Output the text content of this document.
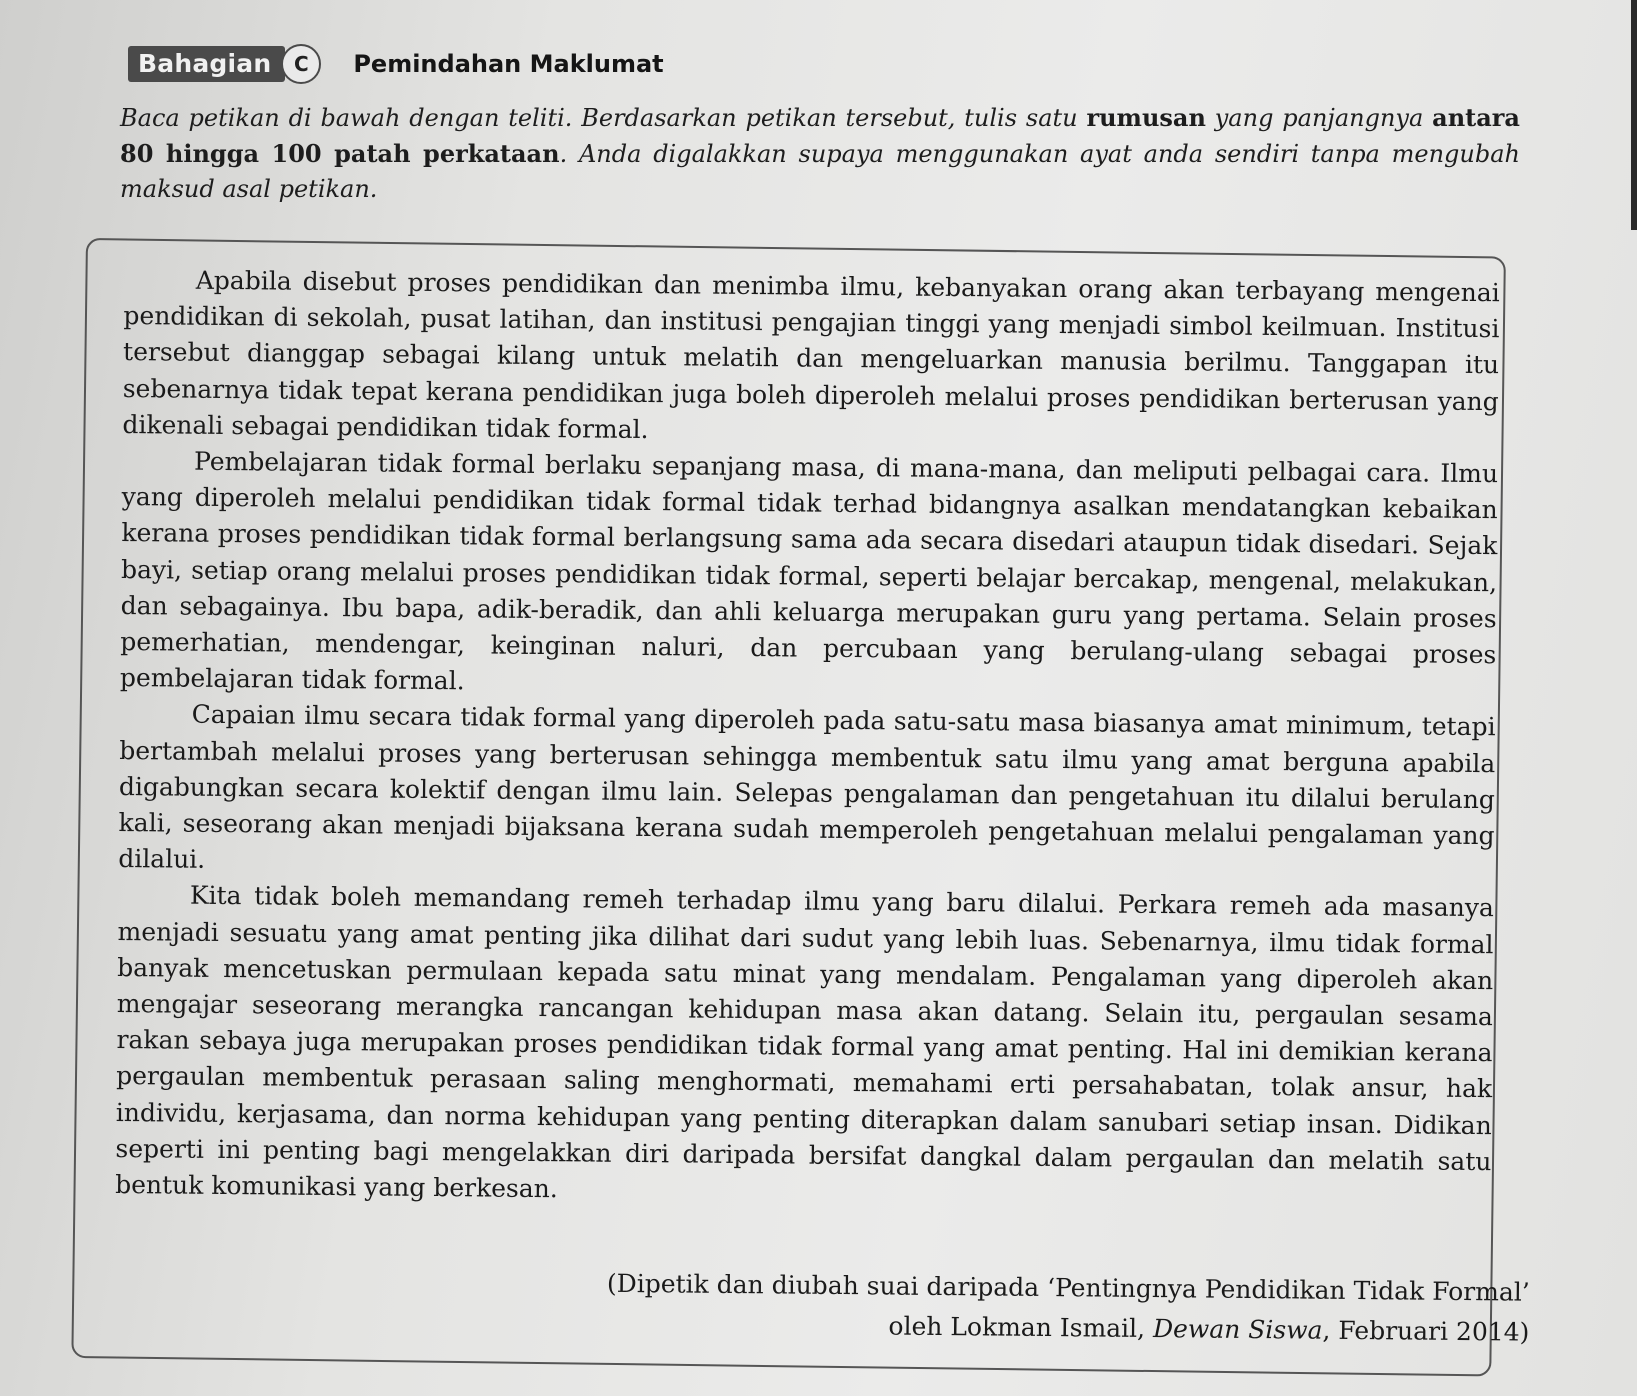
Bahagian	C	Pemindahan Maklumat
Baca petikan di bawah dengan teliti. Berdasarkan petikan tersebut, tulis satu rumusan yang panjangnya antara 80 hingga 100 patah perkataan. Anda digalakkan supaya menggunakan ayat anda sendiri tanpa mengubah maksud asal petikan.

Apabila disebut proses pendidikan dan menimba ilmu, kebanyakan orang akan terbayang mengenai pendidikan di sekolah, pusat latihan, dan institusi pengajian tinggi yang menjadi simbol keilmuan. Institusi tersebut dianggap sebagai kilang untuk melatih dan mengeluarkan manusia berilmu. Tanggapan itu sebenarnya tidak tepat kerana pendidikan juga boleh diperoleh melalui proses pendidikan berterusan yang dikenali sebagai pendidikan tidak formal.

Pembelajaran tidak formal berlaku sepanjang masa, di mana-mana, dan meliputi pelbagai cara. Ilmu yang diperoleh melalui pendidikan tidak formal tidak terhad bidangnya asalkan mendatangkan kebaikan kerana proses pendidikan tidak formal berlangsung sama ada secara disedari ataupun tidak disedari. Sejak bayi, setiap orang melalui proses pendidikan tidak formal, seperti belajar bercakap, mengenal, melakukan, dan sebagainya. Ibu bapa, adik-beradik, dan ahli keluarga merupakan guru yang pertama. Selain proses pemerhatian, mendengar, keinginan naluri, dan percubaan yang berulang-ulang sebagai proses pembelajaran tidak formal.

Capaian ilmu secara tidak formal yang diperoleh pada satu-satu masa biasanya amat minimum, tetapi bertambah melalui proses yang berterusan sehingga membentuk satu ilmu yang amat berguna apabila digabungkan secara kolektif dengan ilmu lain. Selepas pengalaman dan pengetahuan itu dilalui berulang kali, seseorang akan menjadi bijaksana kerana sudah memperoleh pengetahuan melalui pengalaman yang dilalui.

Kita tidak boleh memandang remeh terhadap ilmu yang baru dilalui. Perkara remeh ada masanya menjadi sesuatu yang amat penting jika dilihat dari sudut yang lebih luas. Sebenarnya, ilmu tidak formal banyak mencetuskan permulaan kepada satu minat yang mendalam. Pengalaman yang diperoleh akan mengajar seseorang merangka rancangan kehidupan masa akan datang. Selain itu, pergaulan sesama rakan sebaya juga merupakan proses pendidikan tidak formal yang amat penting. Hal ini demikian kerana pergaulan membentuk perasaan saling menghormati, memahami erti persahabatan, tolak ansur, hak individu, kerjasama, dan norma kehidupan yang penting diterapkan dalam sanubari setiap insan. Didikan seperti ini penting bagi mengelakkan diri daripada bersifat dangkal dalam pergaulan dan melatih satu bentuk komunikasi yang berkesan.

(Dipetik dan diubah suai daripada ‘Pentingnya Pendidikan Tidak Formal’
oleh Lokman Ismail, Dewan Siswa, Februari 2014)
